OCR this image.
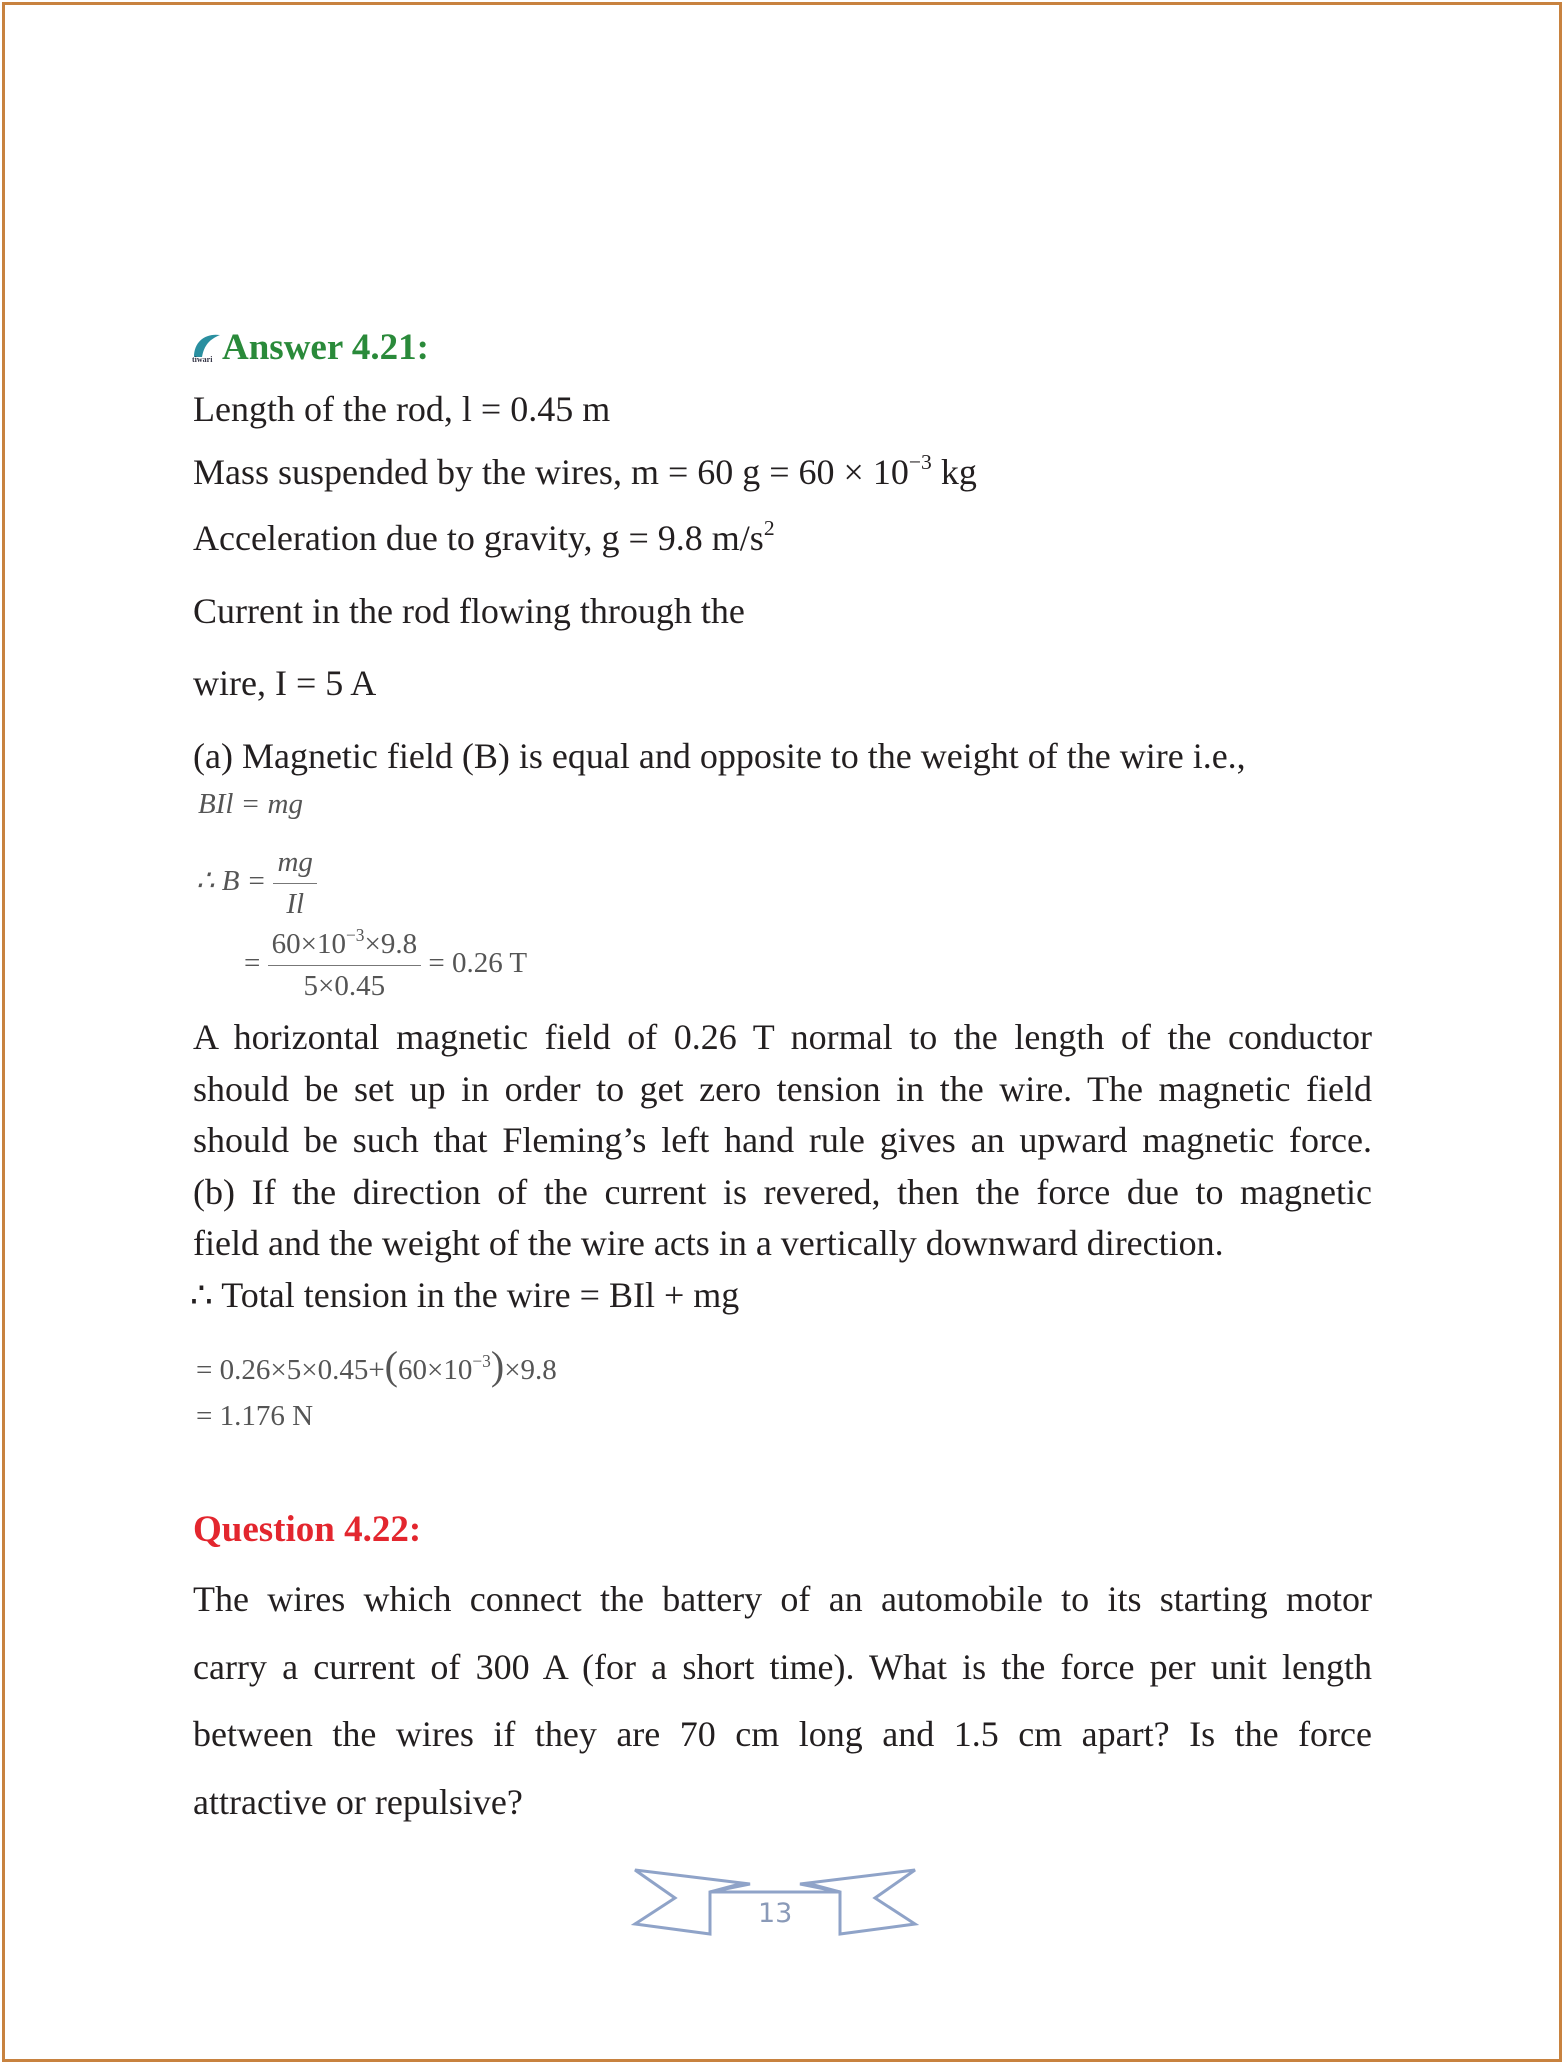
tiwari Answer 4.21:
Length of the rod, l = 0.45 m
Mass suspended by the wires, m = 60 $g = 60 \times 10^{-3}$ kg
Acceleration due to gravity, g = 9.8 $m/s^2$
Current in the rod flowing through the
wire, I = 5 A
(a) Magnetic field (B) is equal and opposite to the weight of the wire i.e.,
BIl = mg
∴ $B = \frac{mg}{Il}$
= $\frac{60\times 10^{-3}\times 9.8}{5\times 0.45} = 0.26$ T
A horizontal magnetic field of 0.26 T normal to the length of the conductor
should be set up in order to get zero tension in the wire. The magnetic field
should be such that Fleming’s left hand rule gives an upward magnetic force.
(b) If the direction of the current is revered, then the force due to magnetic
field and the weight of the wire acts in a vertically downward direction.
∴ Total tension in the wire = BIl + mg
= $0.26\times 5\times 0.45+(60\times 10^{-3})\times 9.8$
= 1.176 N
Question 4.22:
The wires which connect the battery of an automobile to its starting motor
carry a current of 300 A (for a short time). What is the force per unit length
between the wires if they are 70 cm long and 1.5 cm apart? Is the force
attractive or repulsive?
13
